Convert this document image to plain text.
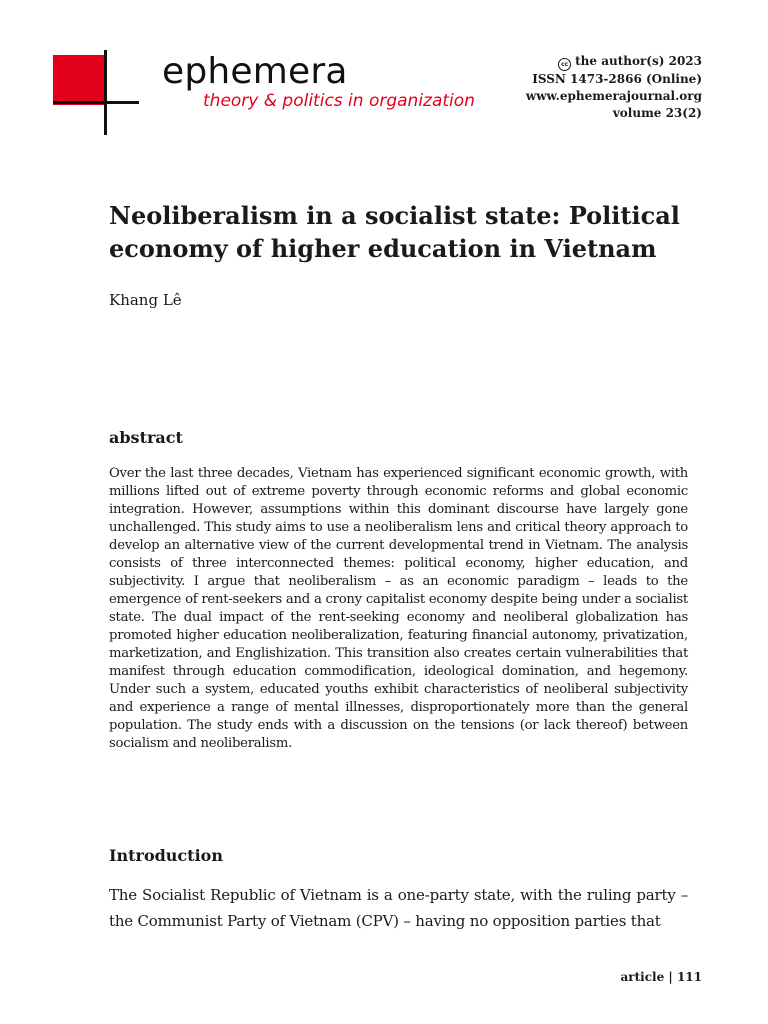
ephemera

theory & politics in organization

cc the author(s) 2023
ISSN 1473-2866 (Online)
www.ephemerajournal.org
volume 23(2)
Neoliberalism in a socialist state: Political economy of higher education in Vietnam

Khang Lê

abstract

Over the last three decades, Vietnam has experienced significant economic growth, with millions lifted out of extreme poverty through economic reforms and global economic integration. However, assumptions within this dominant discourse have largely gone unchallenged. This study aims to use a neoliberalism lens and critical theory approach to develop an alternative view of the current developmental trend in Vietnam. The analysis consists of three interconnected themes: political economy, higher education, and subjectivity. I argue that neoliberalism – as an economic paradigm – leads to the emergence of rent-seekers and a crony capitalist economy despite being under a socialist state. The dual impact of the rent-seeking economy and neoliberal globalization has promoted higher education neoliberalization, featuring financial autonomy, privatization, marketization, and Englishization. This transition also creates certain vulnerabilities that manifest through education commodification, ideological domination, and hegemony. Under such a system, educated youths exhibit characteristics of neoliberal subjectivity and experience a range of mental illnesses, disproportionately more than the general population. The study ends with a discussion on the tensions (or lack thereof) between socialism and neoliberalism.

Introduction

The Socialist Republic of Vietnam is a one-party state, with the ruling party – the Communist Party of Vietnam (CPV) – having no opposition parties that

article | 111
